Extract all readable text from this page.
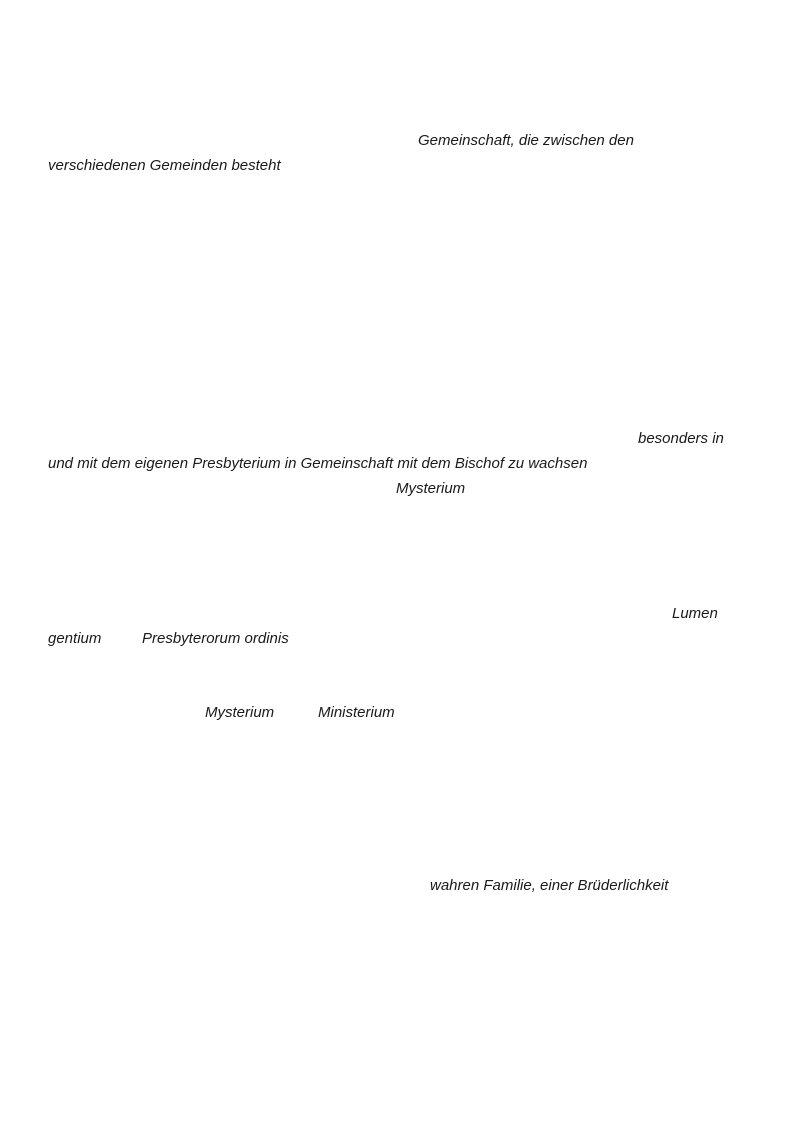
Gemeinschaft, die zwischen den
verschiedenen Gemeinden besteht
besonders in
und mit dem eigenen Presbyterium in Gemeinschaft mit dem Bischof zu wachsen
Mysterium
Lumen
gentium	Presbyterorum ordinis
Mysterium	Ministerium
wahren Familie, einer Brüderlichkeit
